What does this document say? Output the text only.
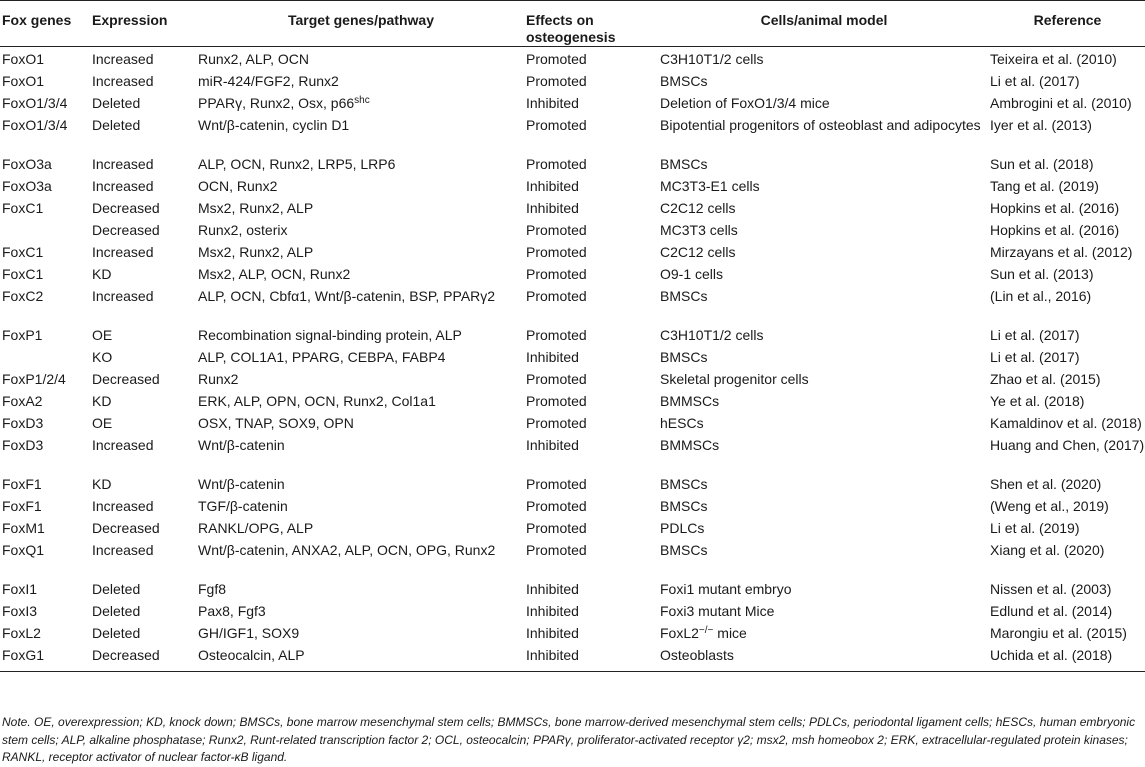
Fox genes	Expression	Target genes/pathway	Effects on osteogenesis	Cells/animal model	Reference
FoxO1	Increased	Runx2, ALP, OCN	Promoted	C3H10T1/2 cells	Teixeira et al. (2010)
FoxO1	Increased	miR-424/FGF2, Runx2	Promoted	BMSCs	Li et al. (2017)
FoxO1/3/4	Deleted	PPARγ, Runx2, Osx, $p66^{shc}$	Inhibited	Deletion of FoxO1/3/4 mice	Ambrogini et al. (2010)
FoxO1/3/4	Deleted	Wnt/β-catenin, cyclin D1	Promoted	Bipotential progenitors of osteoblast and adipocytes	Iyer et al. (2013)
FoxO3a	Increased	ALP, OCN, Runx2, LRP5, LRP6	Promoted	BMSCs	Sun et al. (2018)
FoxO3a	Increased	OCN, Runx2	Inhibited	MC3T3-E1 cells	Tang et al. (2019)
FoxC1	Decreased	Msx2, Runx2, ALP	Inhibited	C2C12 cells	Hopkins et al. (2016)
	Decreased	Runx2, osterix	Promoted	MC3T3 cells	Hopkins et al. (2016)
FoxC1	Increased	Msx2, Runx2, ALP	Promoted	C2C12 cells	Mirzayans et al. (2012)
FoxC1	KD	Msx2, ALP, OCN, Runx2	Promoted	O9-1 cells	Sun et al. (2013)
FoxC2	Increased	ALP, OCN, Cbfα1, Wnt/β-catenin, BSP, PPARγ2	Promoted	BMSCs	(Lin et al., 2016)
FoxP1	OE	Recombination signal-binding protein, ALP	Promoted	C3H10T1/2 cells	Li et al. (2017)
	KO	ALP, COL1A1, PPARG, CEBPA, FABP4	Inhibited	BMSCs	Li et al. (2017)
FoxP1/2/4	Decreased	Runx2	Promoted	Skeletal progenitor cells	Zhao et al. (2015)
FoxA2	KD	ERK, ALP, OPN, OCN, Runx2, Col1a1	Promoted	BMMSCs	Ye et al. (2018)
FoxD3	OE	OSX, TNAP, SOX9, OPN	Promoted	hESCs	Kamaldinov et al. (2018)
FoxD3	Increased	Wnt/β-catenin	Inhibited	BMMSCs	Huang and Chen, (2017)
FoxF1	KD	Wnt/β-catenin	Promoted	BMSCs	Shen et al. (2020)
FoxF1	Increased	TGF/β-catenin	Promoted	BMSCs	(Weng et al., 2019)
FoxM1	Decreased	RANKL/OPG, ALP	Promoted	PDLCs	Li et al. (2019)
FoxQ1	Increased	Wnt/β-catenin, ANXA2, ALP, OCN, OPG, Runx2	Promoted	BMSCs	Xiang et al. (2020)
FoxI1	Deleted	Fgf8	Inhibited	Foxi1 mutant embryo	Nissen et al. (2003)
FoxI3	Deleted	Pax8, Fgf3	Inhibited	Foxi3 mutant Mice	Edlund et al. (2014)
FoxL2	Deleted	GH/IGF1, SOX9	Inhibited	FoxL2−/− mice	Marongiu et al. (2015)
FoxG1	Decreased	Osteocalcin, ALP	Inhibited	Osteoblasts	Uchida et al. (2018)
Note. OE, overexpression; KD, knock down; BMSCs, bone marrow mesenchymal stem cells; BMMSCs, bone marrow-derived mesenchymal stem cells; PDLCs, periodontal ligament cells; hESCs, human embryonic stem cells; ALP, alkaline phosphatase; Runx2, Runt-related transcription factor 2; OCL, osteocalcin; PPARγ, proliferator-activated receptor γ2; msx2, msh homeobox 2; ERK, extracellular-regulated protein kinases; RANKL, receptor activator of nuclear factor-κB ligand.
